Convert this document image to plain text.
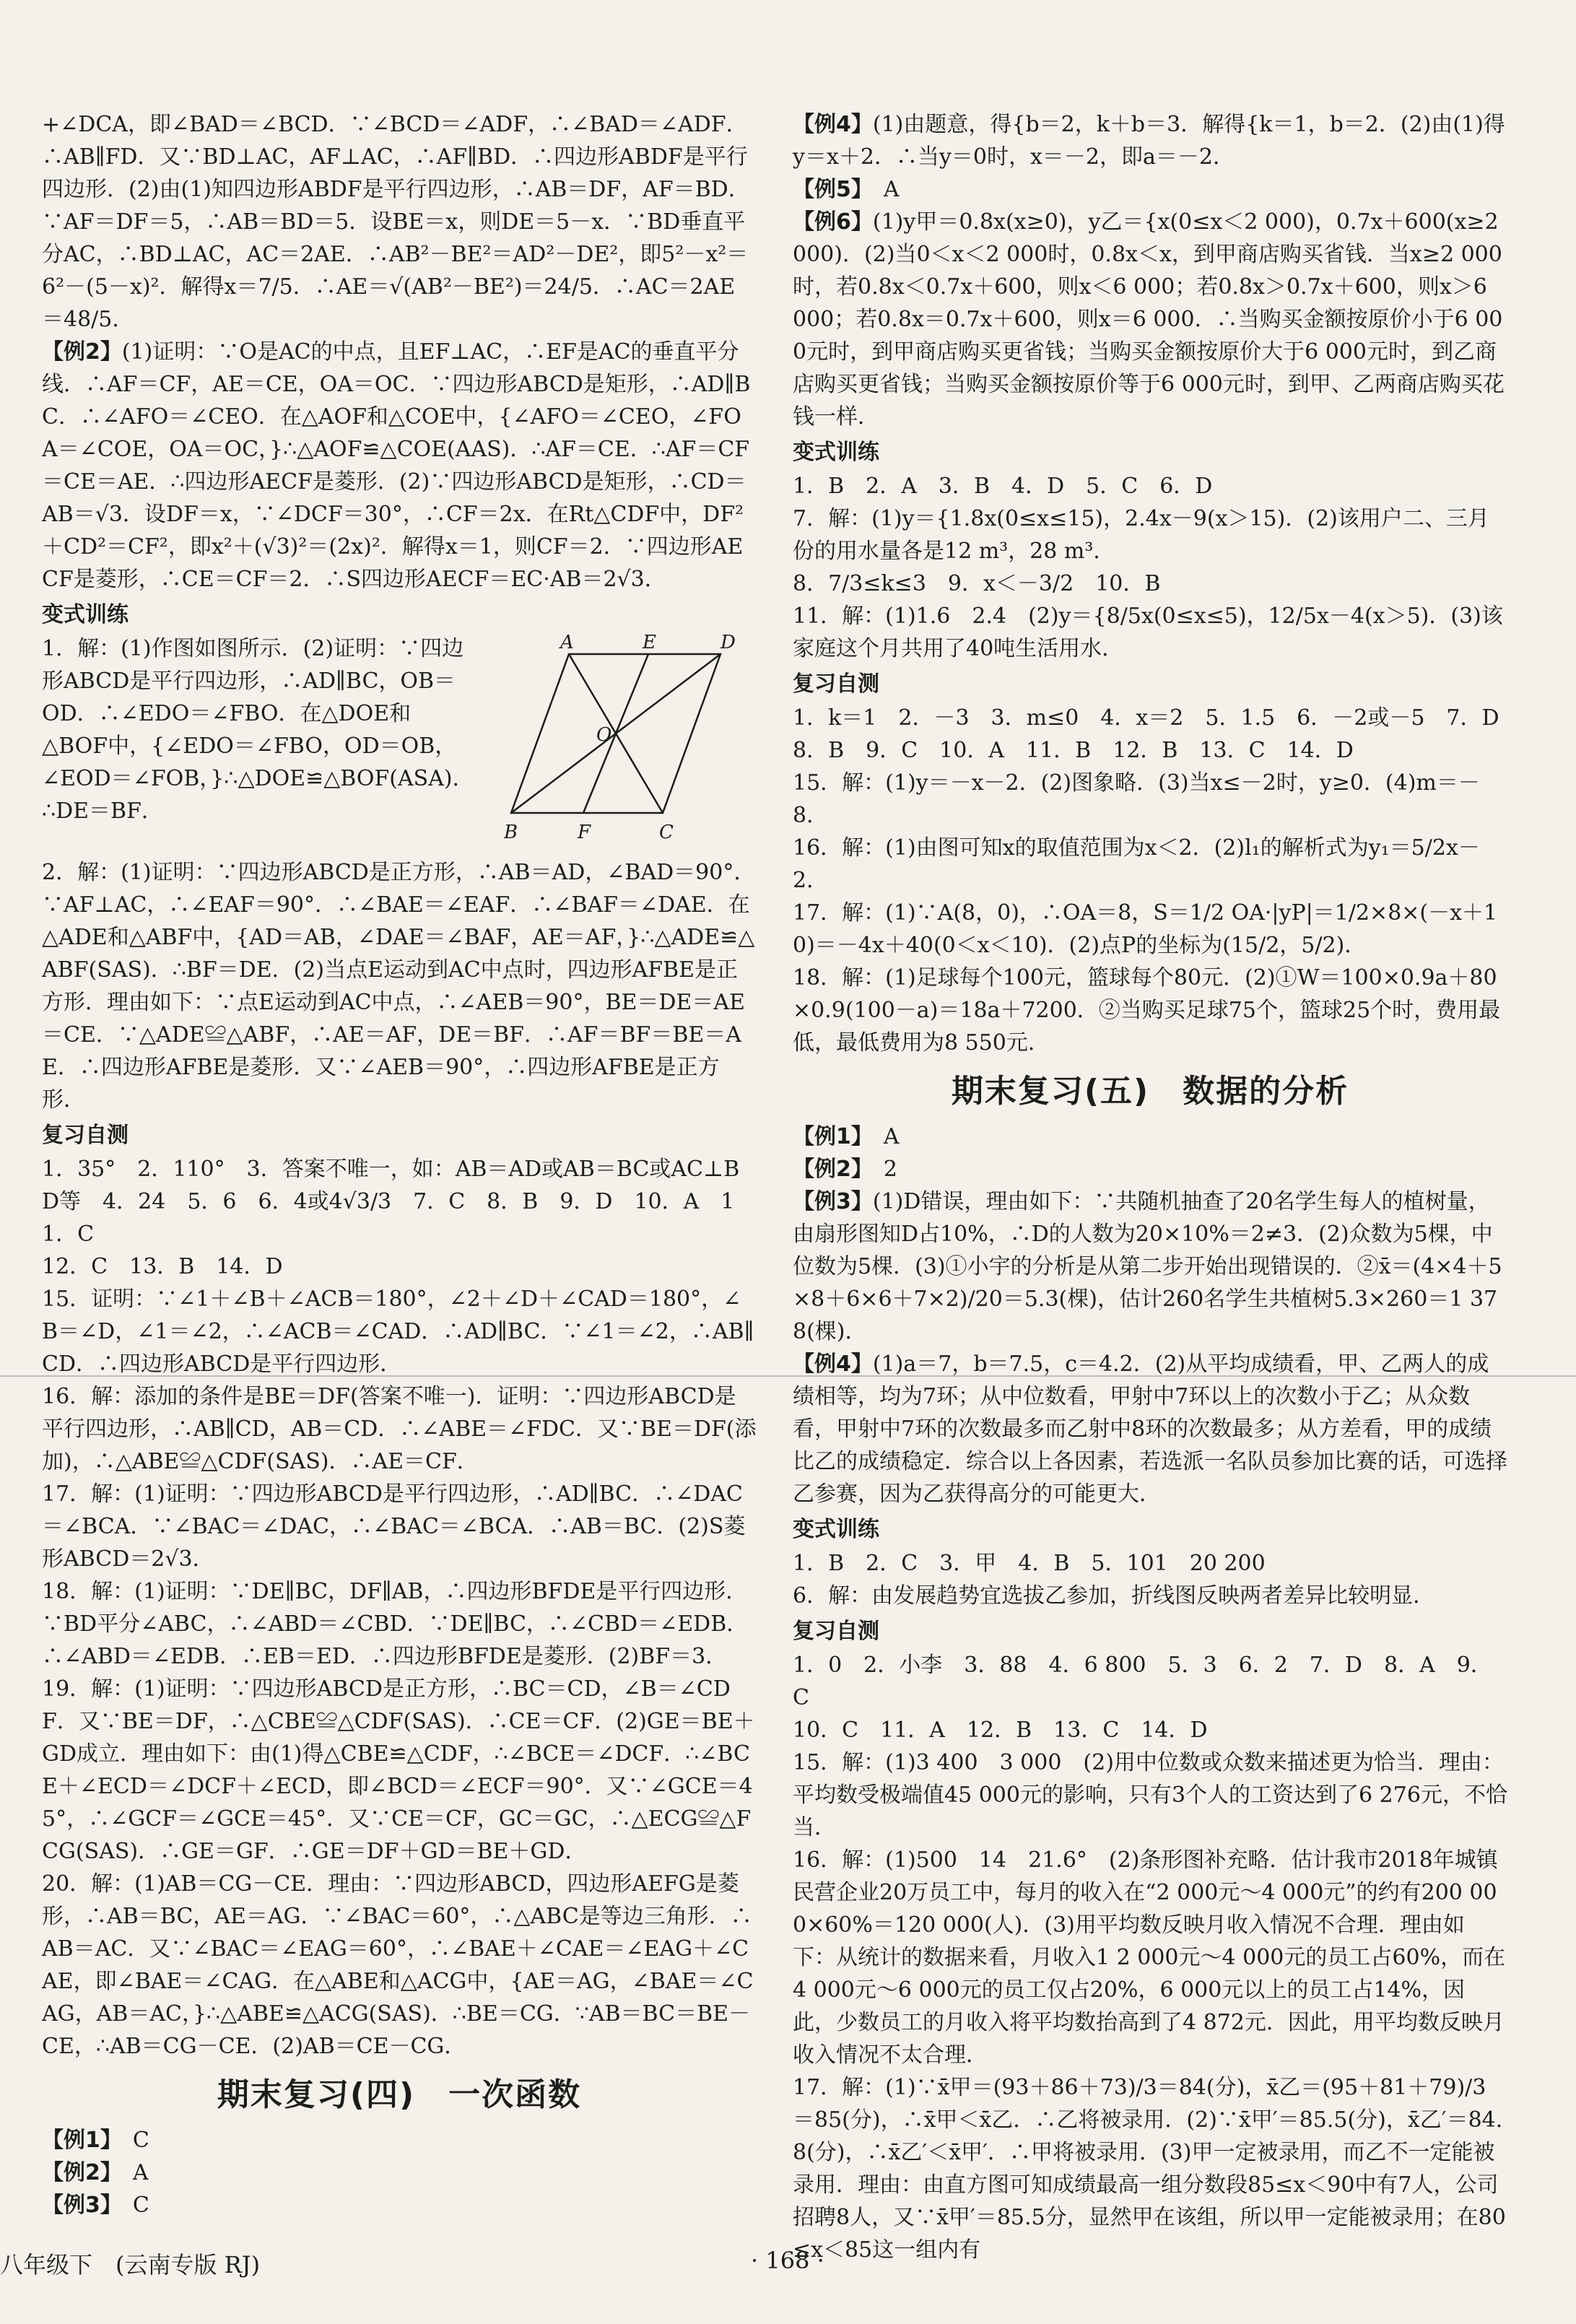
+∠DCA，即∠BAD＝∠BCD．∵∠BCD＝∠ADF，∴∠BAD＝∠ADF．∴AB∥FD．又∵BD⊥AC，AF⊥AC，∴AF∥BD．∴四边形ABDF是平行四边形．(2)由(1)知四边形ABDF是平行四边形，∴AB＝DF，AF＝BD．∵AF＝DF＝5，∴AB＝BD＝5．设BE＝x，则DE＝5－x．∵BD垂直平分AC，∴BD⊥AC，AC＝2AE．∴AB²－BE²＝AD²－DE²，即5²－x²＝6²－(5－x)²．解得x＝7/5．∴AE＝√(AB²－BE²)＝24/5．∴AC＝2AE＝48/5．

【例2】(1)证明：∵O是AC的中点，且EF⊥AC，∴EF是AC的垂直平分线．∴AF＝CF，AE＝CE，OA＝OC．∵四边形ABCD是矩形，∴AD∥BC．∴∠AFO＝∠CEO．在△AOF和△COE中，{∠AFO＝∠CEO，∠FOA＝∠COE，OA＝OC，}∴△AOF≌△COE(AAS)．∴AF＝CE．∴AF＝CF＝CE＝AE．∴四边形AECF是菱形．(2)∵四边形ABCD是矩形，∴CD＝AB＝√3．设DF＝x，∵∠DCF＝30°，∴CF＝2x．在Rt△CDF中，DF²＋CD²＝CF²，即x²＋(√3)²＝(2x)²．解得x＝1，则CF＝2．∵四边形AECF是菱形，∴CE＝CF＝2．∴S四边形AECF＝EC·AB＝2√3．

变式训练
1．解：(1)作图如图所示．(2)证明：∵四边形ABCD是平行四边形，∴AD∥BC，OB＝OD．∴∠EDO＝∠FBO．在△DOE和△BOF中，{∠EDO＝∠FBO，OD＝OB，∠EOD＝∠FOB，}∴△DOE≌△BOF(ASA)．∴DE＝BF．
A	E	D
O
B	F	C

2．解：(1)证明：∵四边形ABCD是正方形，∴AB＝AD，∠BAD＝90°．∵AF⊥AC，∴∠EAF＝90°．∴∠BAE＝∠EAF．∴∠BAF＝∠DAE．在△ADE和△ABF中，{AD＝AB，∠DAE＝∠BAF，AE＝AF，}∴△ADE≌△ABF(SAS)．∴BF＝DE．(2)当点E运动到AC中点时，四边形AFBE是正方形．理由如下：∵点E运动到AC中点，∴∠AEB＝90°，BE＝DE＝AE＝CE．∵△ADE≌△ABF，∴AE＝AF，DE＝BF．∴AF＝BF＝BE＝AE．∴四边形AFBE是菱形．又∵∠AEB＝90°，∴四边形AFBE是正方形．

复习自测

1．35°　2．110°　3．答案不唯一，如：AB＝AD或AB＝BC或AC⊥BD等　4．24　5．6　6．4或4√3/3　7．C　8．B　9．D　10．A　11．C

12．C　13．B　14．D

15．证明：∵∠1＋∠B＋∠ACB＝180°，∠2＋∠D＋∠CAD＝180°，∠B＝∠D，∠1＝∠2，∴∠ACB＝∠CAD．∴AD∥BC．∵∠1＝∠2，∴AB∥CD．∴四边形ABCD是平行四边形．

16．解：添加的条件是BE＝DF(答案不唯一)．证明：∵四边形ABCD是平行四边形，∴AB∥CD，AB＝CD．∴∠ABE＝∠FDC．又∵BE＝DF(添加)，∴△ABE≌△CDF(SAS)．∴AE＝CF．

17．解：(1)证明：∵四边形ABCD是平行四边形，∴AD∥BC．∴∠DAC＝∠BCA．∵∠BAC＝∠DAC，∴∠BAC＝∠BCA．∴AB＝BC．(2)S菱形ABCD＝2√3．

18．解：(1)证明：∵DE∥BC，DF∥AB，∴四边形BFDE是平行四边形．∵BD平分∠ABC，∴∠ABD＝∠CBD．∵DE∥BC，∴∠CBD＝∠EDB．∴∠ABD＝∠EDB．∴EB＝ED．∴四边形BFDE是菱形．(2)BF＝3．

19．解：(1)证明：∵四边形ABCD是正方形，∴BC＝CD，∠B＝∠CDF．又∵BE＝DF，∴△CBE≌△CDF(SAS)．∴CE＝CF．(2)GE＝BE＋GD成立．理由如下：由(1)得△CBE≌△CDF，∴∠BCE＝∠DCF．∴∠BCE＋∠ECD＝∠DCF＋∠ECD，即∠BCD＝∠ECF＝90°．又∵∠GCE＝45°，∴∠GCF＝∠GCE＝45°．又∵CE＝CF，GC＝GC，∴△ECG≌△FCG(SAS)．∴GE＝GF．∴GE＝DF＋GD＝BE＋GD．

20．解：(1)AB＝CG－CE．理由：∵四边形ABCD，四边形AEFG是菱形，∴AB＝BC，AE＝AG．∵∠BAC＝60°，∴△ABC是等边三角形．∴AB＝AC．又∵∠BAC＝∠EAG＝60°，∴∠BAE＋∠CAE＝∠EAG＋∠CAE，即∠BAE＝∠CAG．在△ABE和△ACG中，{AE＝AG，∠BAE＝∠CAG，AB＝AC，}∴△ABE≌△ACG(SAS)．∴BE＝CG．∵AB＝BC＝BE－CE，∴AB＝CG－CE．(2)AB＝CE－CG．

期末复习(四)　一次函数

【例1】　 C

【例2】　 A

【例3】　 C

【例4】(1)由题意，得{b＝2，k＋b＝3．解得{k＝1，b＝2．(2)由(1)得y＝x＋2．∴当y＝0时，x＝－2，即a＝－2．

【例5】　 A

【例6】(1)y甲＝0.8x(x≥0)，y乙＝{x(0≤x＜2 000)，0.7x＋600(x≥2 000)．(2)当0＜x＜2 000时，0.8x＜x，到甲商店购买省钱．当x≥2 000时，若0.8x＜0.7x＋600，则x＜6 000；若0.8x＞0.7x＋600，则x＞6 000；若0.8x＝0.7x＋600，则x＝6 000．∴当购买金额按原价小于6 000元时，到甲商店购买更省钱；当购买金额按原价大于6 000元时，到乙商店购买更省钱；当购买金额按原价等于6 000元时，到甲、乙两商店购买花钱一样．

变式训练

1．B　2．A　3．B　4．D　5．C　6．D

7．解：(1)y＝{1.8x(0≤x≤15)，2.4x－9(x＞15)．(2)该用户二、三月份的用水量各是12 m³，28 m³．

8．7/3≤k≤3　9．x＜－3/2　10．B

11．解：(1)1.6　2.4　(2)y＝{8/5x(0≤x≤5)，12/5x－4(x＞5)．(3)该家庭这个月共用了40吨生活用水．

复习自测

1．k＝1　2．－3　3．m≤0　4．x＝2　5．1.5　6．－2或－5　7．D

8．B　9．C　10．A　11．B　12．B　13．C　14．D

15．解：(1)y＝－x－2．(2)图象略．(3)当x≤－2时，y≥0．(4)m＝－8．

16．解：(1)由图可知x的取值范围为x＜2．(2)l₁的解析式为y₁＝5/2x－2．

17．解：(1)∵A(8，0)，∴OA＝8，S＝1/2 OA·|yP|＝1/2×8×(－x＋10)＝－4x＋40(0＜x＜10)．(2)点P的坐标为(15/2，5/2)．

18．解：(1)足球每个100元，篮球每个80元．(2)①W＝100×0.9a＋80×0.9(100－a)＝18a＋7200．②当购买足球75个，篮球25个时，费用最低，最低费用为8 550元．

期末复习(五)　数据的分析

【例1】　 A

【例2】　 2

【例3】(1)D错误，理由如下：∵共随机抽查了20名学生每人的植树量，由扇形图知D占10%，∴D的人数为20×10%＝2≠3．(2)众数为5棵，中位数为5棵．(3)①小宇的分析是从第二步开始出现错误的．②x̄＝(4×4＋5×8＋6×6＋7×2)/20＝5.3(棵)，估计260名学生共植树5.3×260＝1 378(棵)．

【例4】(1)a＝7，b＝7.5，c＝4.2．(2)从平均成绩看，甲、乙两人的成绩相等，均为7环；从中位数看，甲射中7环以上的次数小于乙；从众数看，甲射中7环的次数最多而乙射中8环的次数最多；从方差看，甲的成绩比乙的成绩稳定．综合以上各因素，若选派一名队员参加比赛的话，可选择乙参赛，因为乙获得高分的可能更大．

变式训练

1．B　2．C　3．甲　4．B　5．101　20 200

6．解：由发展趋势宜选拔乙参加，折线图反映两者差异比较明显．

复习自测

1．0　2．小李　3．88　4．6 800　5．3　6．2　7．D　8．A　9．C

10．C　11．A　12．B　13．C　14．D

15．解：(1)3 400　3 000　(2)用中位数或众数来描述更为恰当．理由：平均数受极端值45 000元的影响，只有3个人的工资达到了6 276元，不恰当．

16．解：(1)500　14　21.6°　(2)条形图补充略．估计我市2018年城镇民营企业20万员工中，每月的收入在“2 000元～4 000元”的约有200 000×60%＝120 000(人)．(3)用平均数反映月收入情况不合理．理由如下：从统计的数据来看，月收入1 2 000元～4 000元的员工占60%，而在4 000元～6 000元的员工仅占20%，6 000元以上的员工占14%，因此，少数员工的月收入将平均数抬高到了4 872元．因此，用平均数反映月收入情况不太合理．

17．解：(1)∵x̄甲＝(93＋86＋73)/3＝84(分)，x̄乙＝(95＋81＋79)/3＝85(分)，∴x̄甲＜x̄乙．∴乙将被录用．(2)∵x̄甲′＝85.5(分)，x̄乙′＝84.8(分)，∴x̄乙′＜x̄甲′．∴甲将被录用．(3)甲一定被录用，而乙不一定能被录用．理由：由直方图可知成绩最高一组分数段85≤x＜90中有7人，公司招聘8人，又∵x̄甲′＝85.5分，显然甲在该组，所以甲一定能被录用；在80≤x＜85这一组内有

八年级下　(云南专版 RJ)	· 168 ·
